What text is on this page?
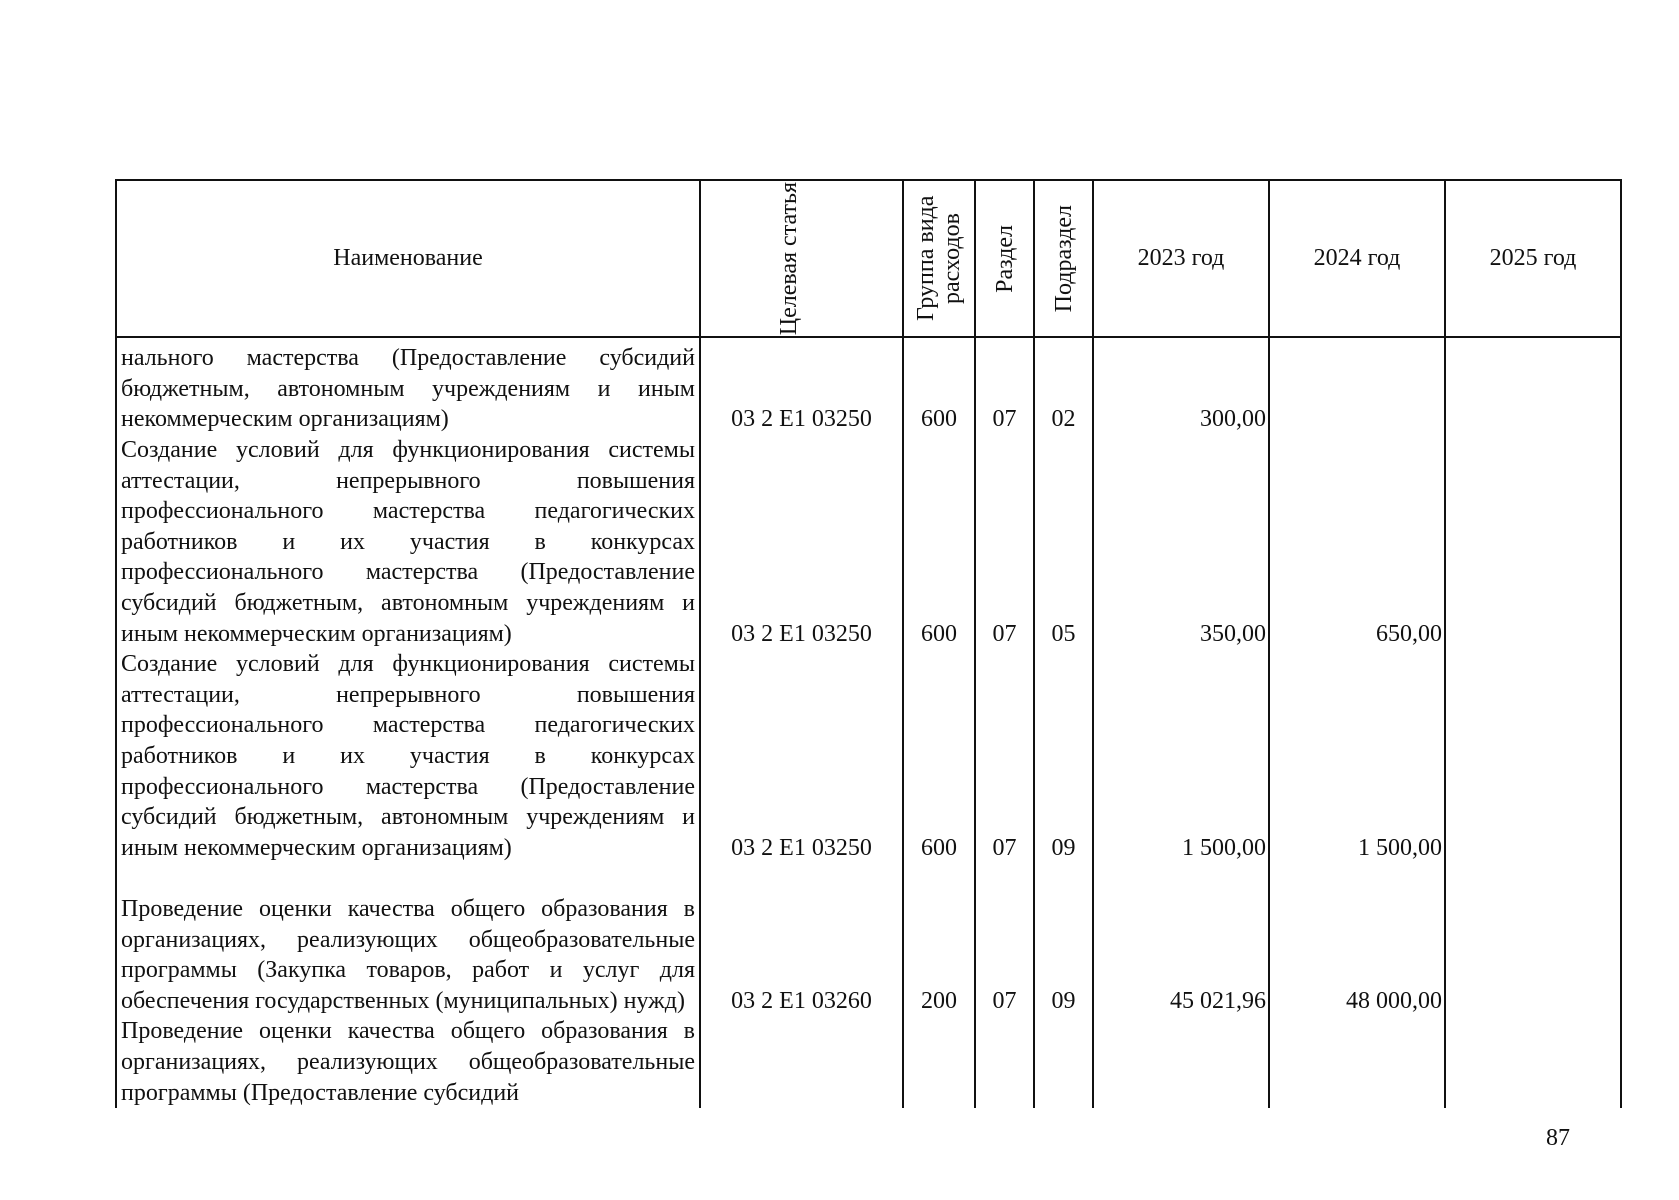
Наименование	Целевая статья	Группа вида расходов	Раздел	Подраздел	2023 год	2024 год	2025 год

нального мастерства (Предоставление субсидий бюджетным, автономным учреждениям и иным некоммерческим организациям)	03 2 Е1 03250	600	07	02	300,00		

Создание условий для функционирования системы аттестации, непрерывного повышения профессионального мастерства педагогических работников и их участия в конкурсах профессионального мастерства (Предоставление субсидий бюджетным, автономным учреждениям и иным некоммерческим организациям)	03 2 Е1 03250	600	07	05	350,00	650,00	

Создание условий для функционирования системы аттестации, непрерывного повышения профессионального мастерства педагогических работников и их участия в конкурсах профессионального мастерства (Предоставление субсидий бюджетным, автономным учреждениям и иным некоммерческим организациям)	03 2 Е1 03250	600	07	09	1 500,00	1 500,00	

Проведение оценки качества общего образования в организациях, реализующих общеобразовательные программы (Закупка товаров, работ и услуг для обеспечения государственных (муниципальных) нужд)	03 2 Е1 03260	200	07	09	45 021,96	48 000,00	

Проведение оценки качества общего образования в организациях, реализующих общеобразовательные программы (Предоставление субсидий							

87
